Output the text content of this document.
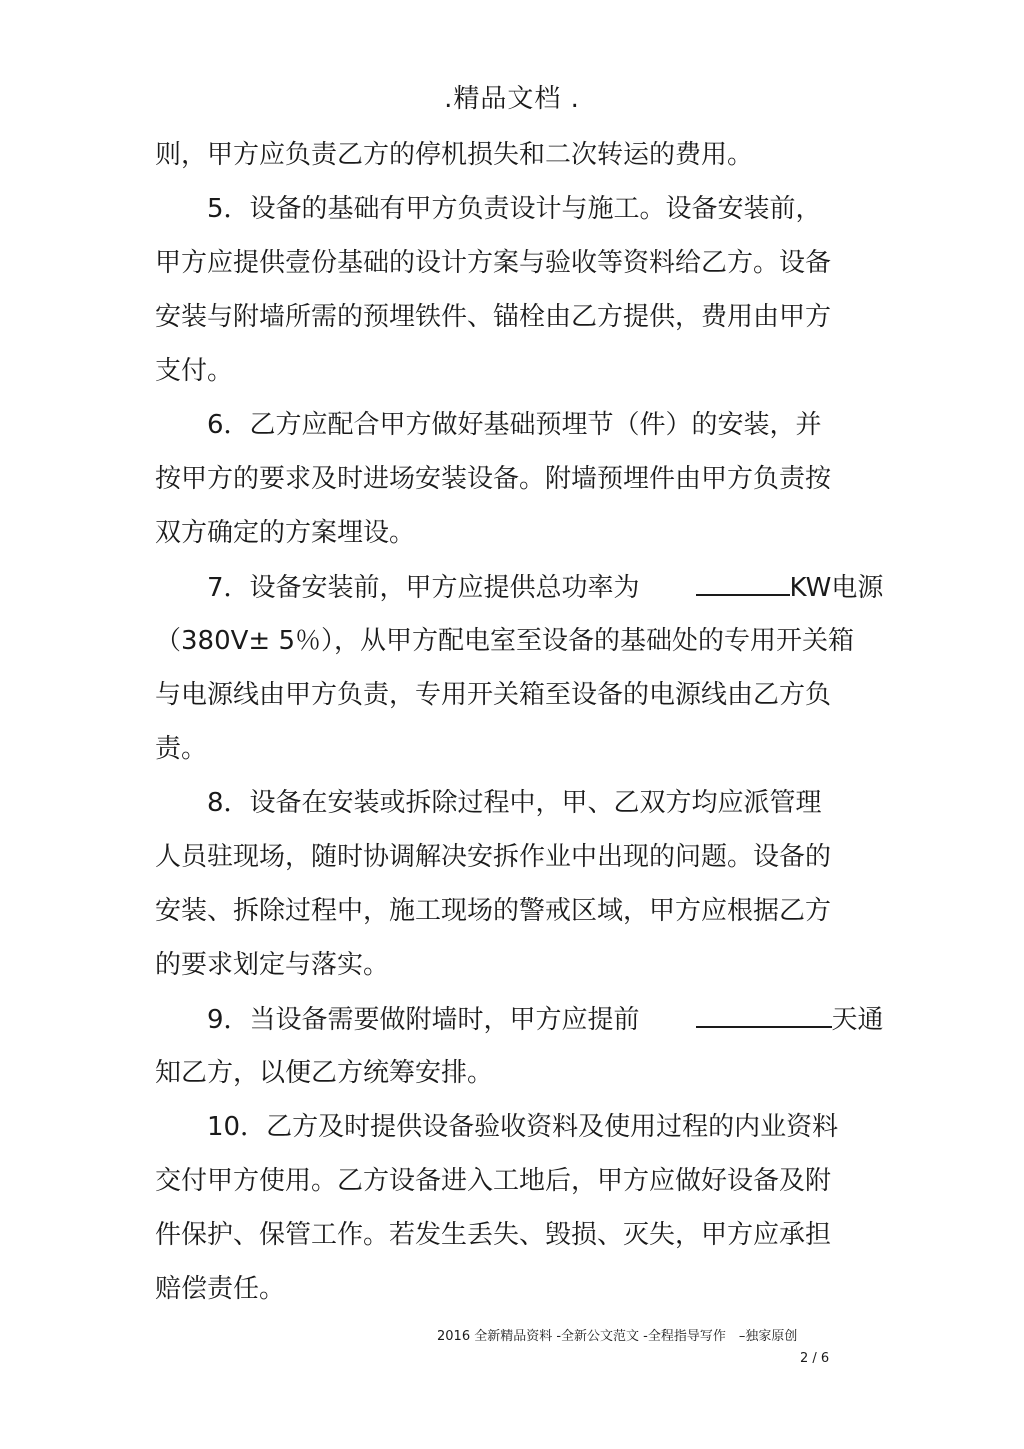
.精品文档 .
则，甲方应负责乙方的停机损失和二次转运的费用。
5．设备的基础有甲方负责设计与施工。设备安装前，
甲方应提供壹份基础的设计方案与验收等资料给乙方。设备
安装与附墙所需的预埋铁件、锚栓由乙方提供，费用由甲方
支付。
6．乙方应配合甲方做好基础预埋节（件）的安装，并
按甲方的要求及时进场安装设备。附墙预埋件由甲方负责按
双方确定的方案埋设。
7．设备安装前，甲方应提供总功率为	KW电源
（380V± 5％），从甲方配电室至设备的基础处的专用开关箱
与电源线由甲方负责，专用开关箱至设备的电源线由乙方负
责。
8．设备在安装或拆除过程中，甲、乙双方均应派管理
人员驻现场，随时协调解决安拆作业中出现的问题。设备的
安装、拆除过程中，施工现场的警戒区域，甲方应根据乙方
的要求划定与落实。
9．当设备需要做附墙时，甲方应提前	天通
知乙方，以便乙方统筹安排。
10．乙方及时提供设备验收资料及使用过程的内业资料
交付甲方使用。乙方设备进入工地后，甲方应做好设备及附
件保护、保管工作。若发生丢失、毁损、灭失，甲方应承担
赔偿责任。
2016 全新精品资料 -全新公文范文 -全程指导写作　–独家原创
2 / 6
